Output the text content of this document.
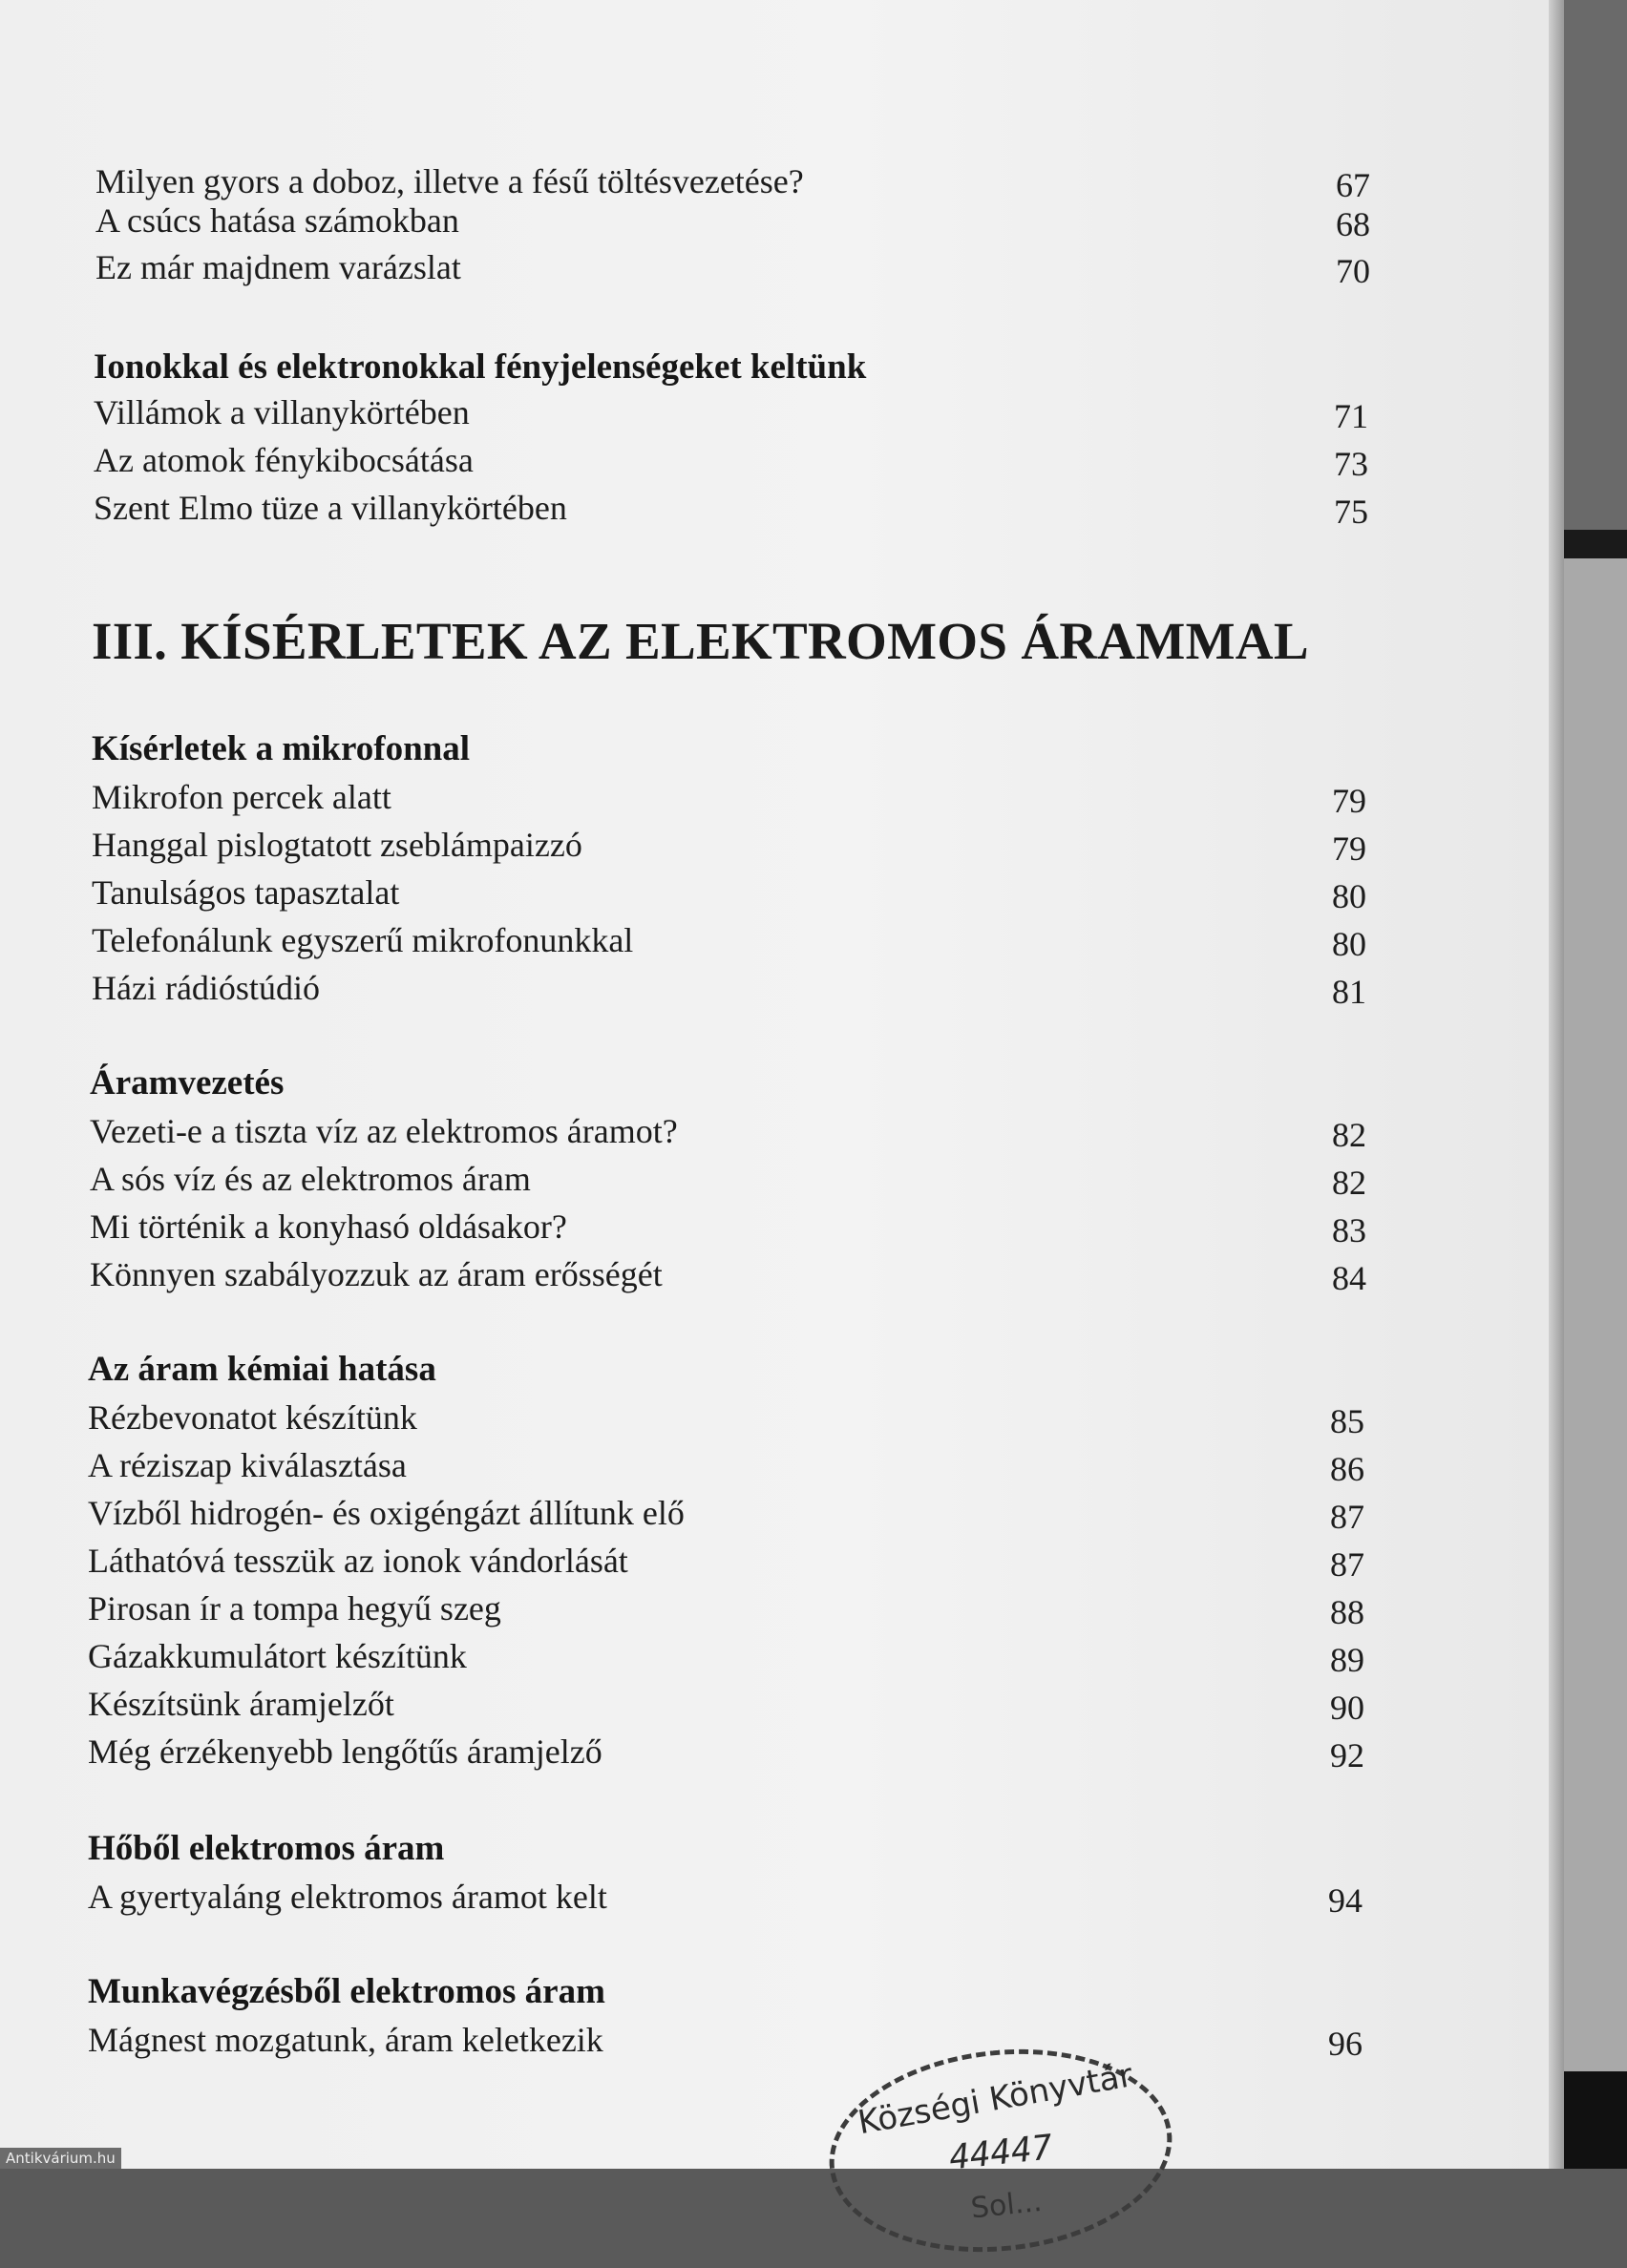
Milyen gyors a doboz, illetve a fésű töltésvezetése?	67
A csúcs hatása számokban	68
Ez már majdnem varázslat	70
Ionokkal és elektronokkal fényjelenségeket keltünk
Villámok a villanykörtében	71
Az atomok fénykibocsátása	73
Szent Elmo tüze a villanykörtében	75
III. KÍSÉRLETEK AZ ELEKTROMOS ÁRAMMAL
Kísérletek a mikrofonnal
Mikrofon percek alatt	79
Hanggal pislogtatott zseblámpaizzó	79
Tanulságos tapasztalat	80
Telefonálunk egyszerű mikrofonunkkal	80
Házi rádióstúdió	81
Áramvezetés
Vezeti-e a tiszta víz az elektromos áramot?	82
A sós víz és az elektromos áram	82
Mi történik a konyhasó oldásakor?	83
Könnyen szabályozzuk az áram erősségét	84
Az áram kémiai hatása
Rézbevonatot készítünk	85
A réziszap kiválasztása	86
Vízből hidrogén- és oxigéngázt állítunk elő	87
Láthatóvá tesszük az ionok vándorlását	87
Pirosan ír a tompa hegyű szeg	88
Gázakkumulátort készítünk	89
Készítsünk áramjelzőt	90
Még érzékenyebb lengőtűs áramjelző	92
Hőből elektromos áram
A gyertyaláng elektromos áramot kelt	94
Munkavégzésből elektromos áram
Mágnest mozgatunk, áram keletkezik	96
Községi Könyvtár
44447
Sol...
Antikvárium.hu
